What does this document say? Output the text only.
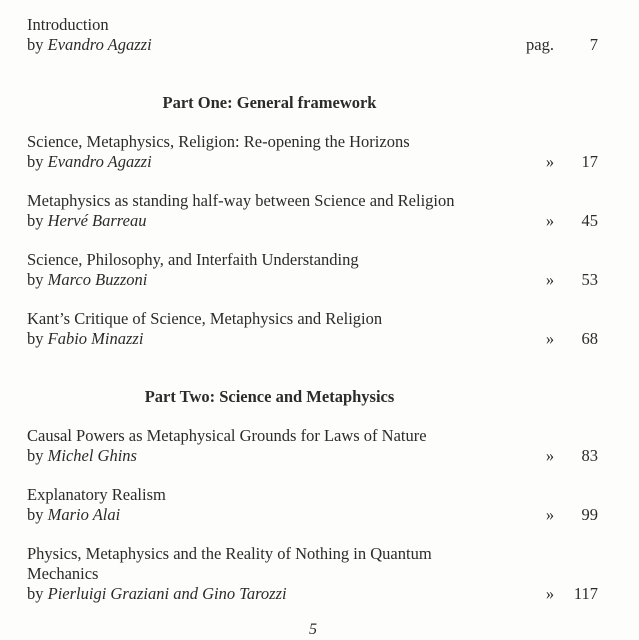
Introduction
by Evandro Agazzi	pag. 7
Part One: General framework
Science, Metaphysics, Religion: Re-opening the Horizons
by Evandro Agazzi	» 17
Metaphysics as standing half-way between Science and Religion
by Hervé Barreau	» 45
Science, Philosophy, and Interfaith Understanding
by Marco Buzzoni	» 53
Kant’s Critique of Science, Metaphysics and Religion
by Fabio Minazzi	» 68
Part Two: Science and Metaphysics
Causal Powers as Metaphysical Grounds for Laws of Nature
by Michel Ghins	» 83
Explanatory Realism
by Mario Alai	» 99
Physics, Metaphysics and the Reality of Nothing in Quantum Mechanics
by Pierluigi Graziani and Gino Tarozzi	» 117
5
